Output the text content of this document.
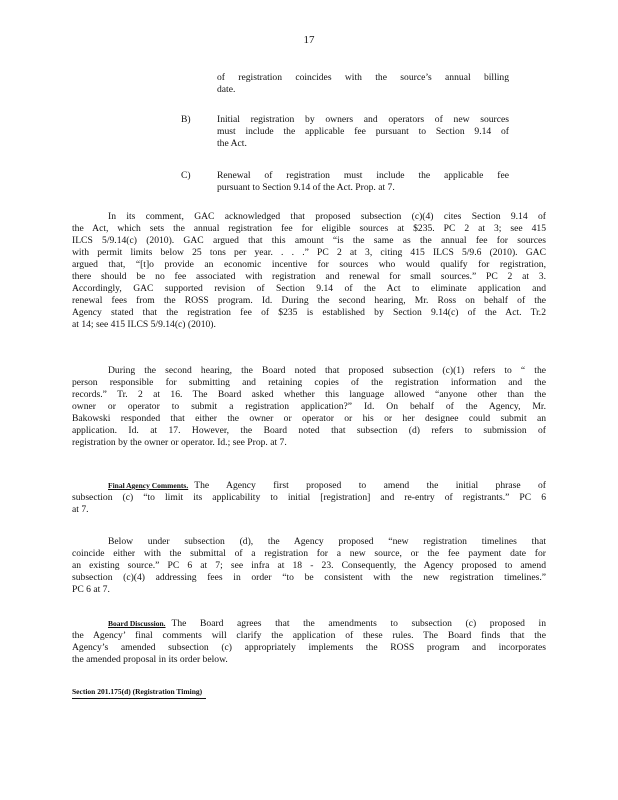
17
of registration coincides with the source’s annual billing
date.
B)	Initial registration by owners and operators of new sources
must include the applicable fee pursuant to Section 9.14 of
the Act.
C)	Renewal of registration must include the applicable fee
pursuant to Section 9.14 of the Act. Prop. at 7.
In its comment, GAC acknowledged that proposed subsection (c)(4) cites Section 9.14 of
the Act, which sets the annual registration fee for eligible sources at $235. PC 2 at 3; see 415
ILCS 5/9.14(c) (2010). GAC argued that this amount “is the same as the annual fee for sources
with permit limits below 25 tons per year. . . .” PC 2 at 3, citing 415 ILCS 5/9.6 (2010). GAC
argued that, “[t]o provide an economic incentive for sources who would qualify for registration,
there should be no fee associated with registration and renewal for small sources.” PC 2 at 3.
Accordingly, GAC supported revision of Section 9.14 of the Act to eliminate application and
renewal fees from the ROSS program. Id. During the second hearing, Mr. Ross on behalf of the
Agency stated that the registration fee of $235 is established by Section 9.14(c) of the Act. Tr.2
at 14; see 415 ILCS 5/9.14(c) (2010).
During the second hearing, the Board noted that proposed subsection (c)(1) refers to “ the
person responsible for submitting and retaining copies of the registration information and the
records.” Tr. 2 at 16. The Board asked whether this language allowed “anyone other than the
owner or operator to submit a registration application?” Id. On behalf of the Agency, Mr.
Bakowski responded that either the owner or operator or his or her designee could submit an
application. Id. at 17. However, the Board noted that subsection (d) refers to submission of
registration by the owner or operator. Id.; see Prop. at 7.
Final Agency Comments. The Agency first proposed to amend the initial phrase of
subsection (c) “to limit its applicability to initial [registration] and re-entry of registrants.” PC 6
at 7.
Below under subsection (d), the Agency proposed “new registration timelines that
coincide either with the submittal of a registration for a new source, or the fee payment date for
an existing source.” PC 6 at 7; see infra at 18 - 23. Consequently, the Agency proposed to amend
subsection (c)(4) addressing fees in order “to be consistent with the new registration timelines.”
PC 6 at 7.
Board Discussion. The Board agrees that the amendments to subsection (c) proposed in
the Agency’ final comments will clarify the application of these rules. The Board finds that the
Agency’s amended subsection (c) appropriately implements the ROSS program and incorporates
the amended proposal in its order below.
Section 201.175(d) (Registration Timing)
